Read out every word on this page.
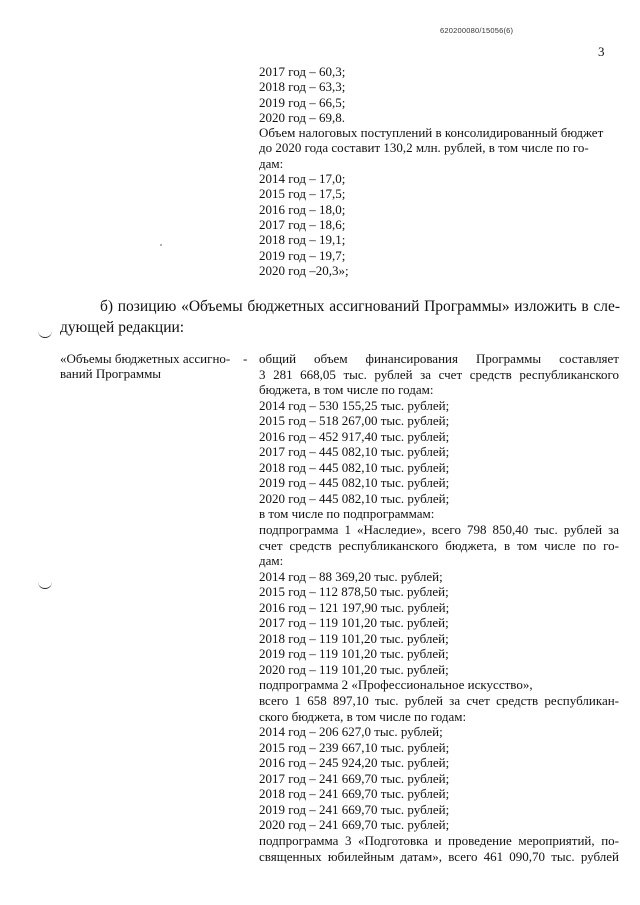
620200080/15056(6)
3
2017 год – 60,3;
2018 год – 63,3;
2019 год – 66,5;
2020 год – 69,8.
Объем налоговых поступлений в консолидированный бюджет
до 2020 года составит 130,2 млн. рублей, в том числе по го-
дам:
2014 год – 17,0;
2015 год – 17,5;
2016 год – 18,0;
2017 год – 18,6;
2018 год – 19,1;
2019 год – 19,7;
2020 год –20,3»;
б) позицию «Объемы бюджетных ассигнований Программы» изложить в сле-
дующей редакции:
«Объемы бюджетных ассигно-
ваний Программы
- общий объем финансирования Программы составляет
3 281 668,05 тыс. рублей за счет средств республиканского
бюджета, в том числе по годам:
2014 год – 530 155,25 тыс. рублей;
2015 год – 518 267,00 тыс. рублей;
2016 год – 452 917,40 тыс. рублей;
2017 год – 445 082,10 тыс. рублей;
2018 год – 445 082,10 тыс. рублей;
2019 год – 445 082,10 тыс. рублей;
2020 год – 445 082,10 тыс. рублей;
в том числе по подпрограммам:
подпрограмма 1 «Наследие», всего 798 850,40 тыс. рублей за
счет средств республиканского бюджета, в том числе по го-
дам:
2014 год – 88 369,20 тыс. рублей;
2015 год – 112 878,50 тыс. рублей;
2016 год – 121 197,90 тыс. рублей;
2017 год – 119 101,20 тыс. рублей;
2018 год – 119 101,20 тыс. рублей;
2019 год – 119 101,20 тыс. рублей;
2020 год – 119 101,20 тыс. рублей;
подпрограмма 2 «Профессиональное искусство»,
всего 1 658 897,10 тыс. рублей за счет средств республикан-
ского бюджета, в том числе по годам:
2014 год – 206 627,0 тыс. рублей;
2015 год – 239 667,10 тыс. рублей;
2016 год – 245 924,20 тыс. рублей;
2017 год – 241 669,70 тыс. рублей;
2018 год – 241 669,70 тыс. рублей;
2019 год – 241 669,70 тыс. рублей;
2020 год – 241 669,70 тыс. рублей;
подпрограмма 3 «Подготовка и проведение мероприятий, по-
священных юбилейным датам», всего 461 090,70 тыс. рублей
